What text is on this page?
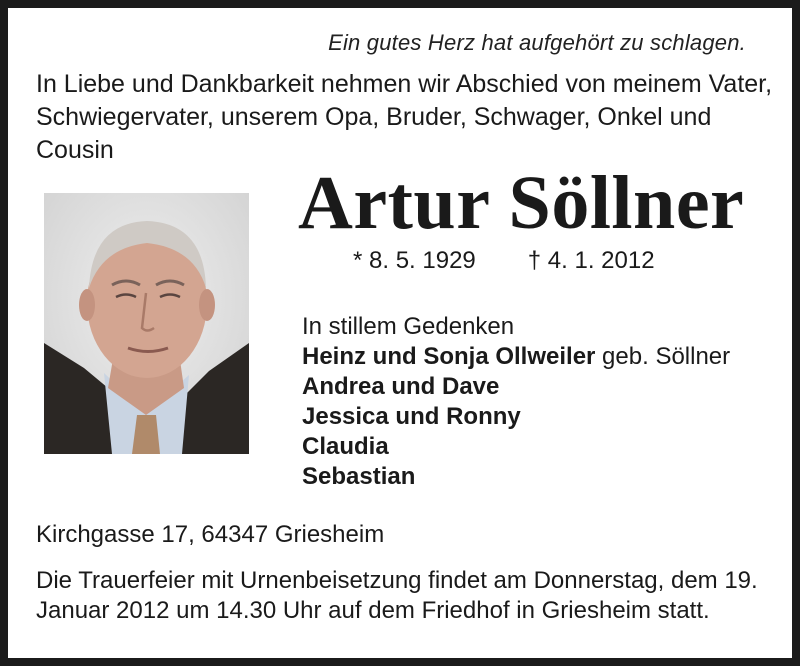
Ein gutes Herz hat aufgehört zu schlagen.
In Liebe und Dankbarkeit nehmen wir Abschied von meinem Vater, Schwiegervater, unserem Opa, Bruder, Schwager, Onkel und Cousin
Artur Söllner
* 8. 5. 1929 † 4. 1. 2012
In stillem Gedenken
Heinz und Sonja Ollweiler geb. Söllner
Andrea und Dave
Jessica und Ronny
Claudia
Sebastian
Kirchgasse 17, 64347 Griesheim
Die Trauerfeier mit Urnenbeisetzung findet am Donnerstag, dem 19. Januar 2012 um 14.30 Uhr auf dem Friedhof in Griesheim statt.
